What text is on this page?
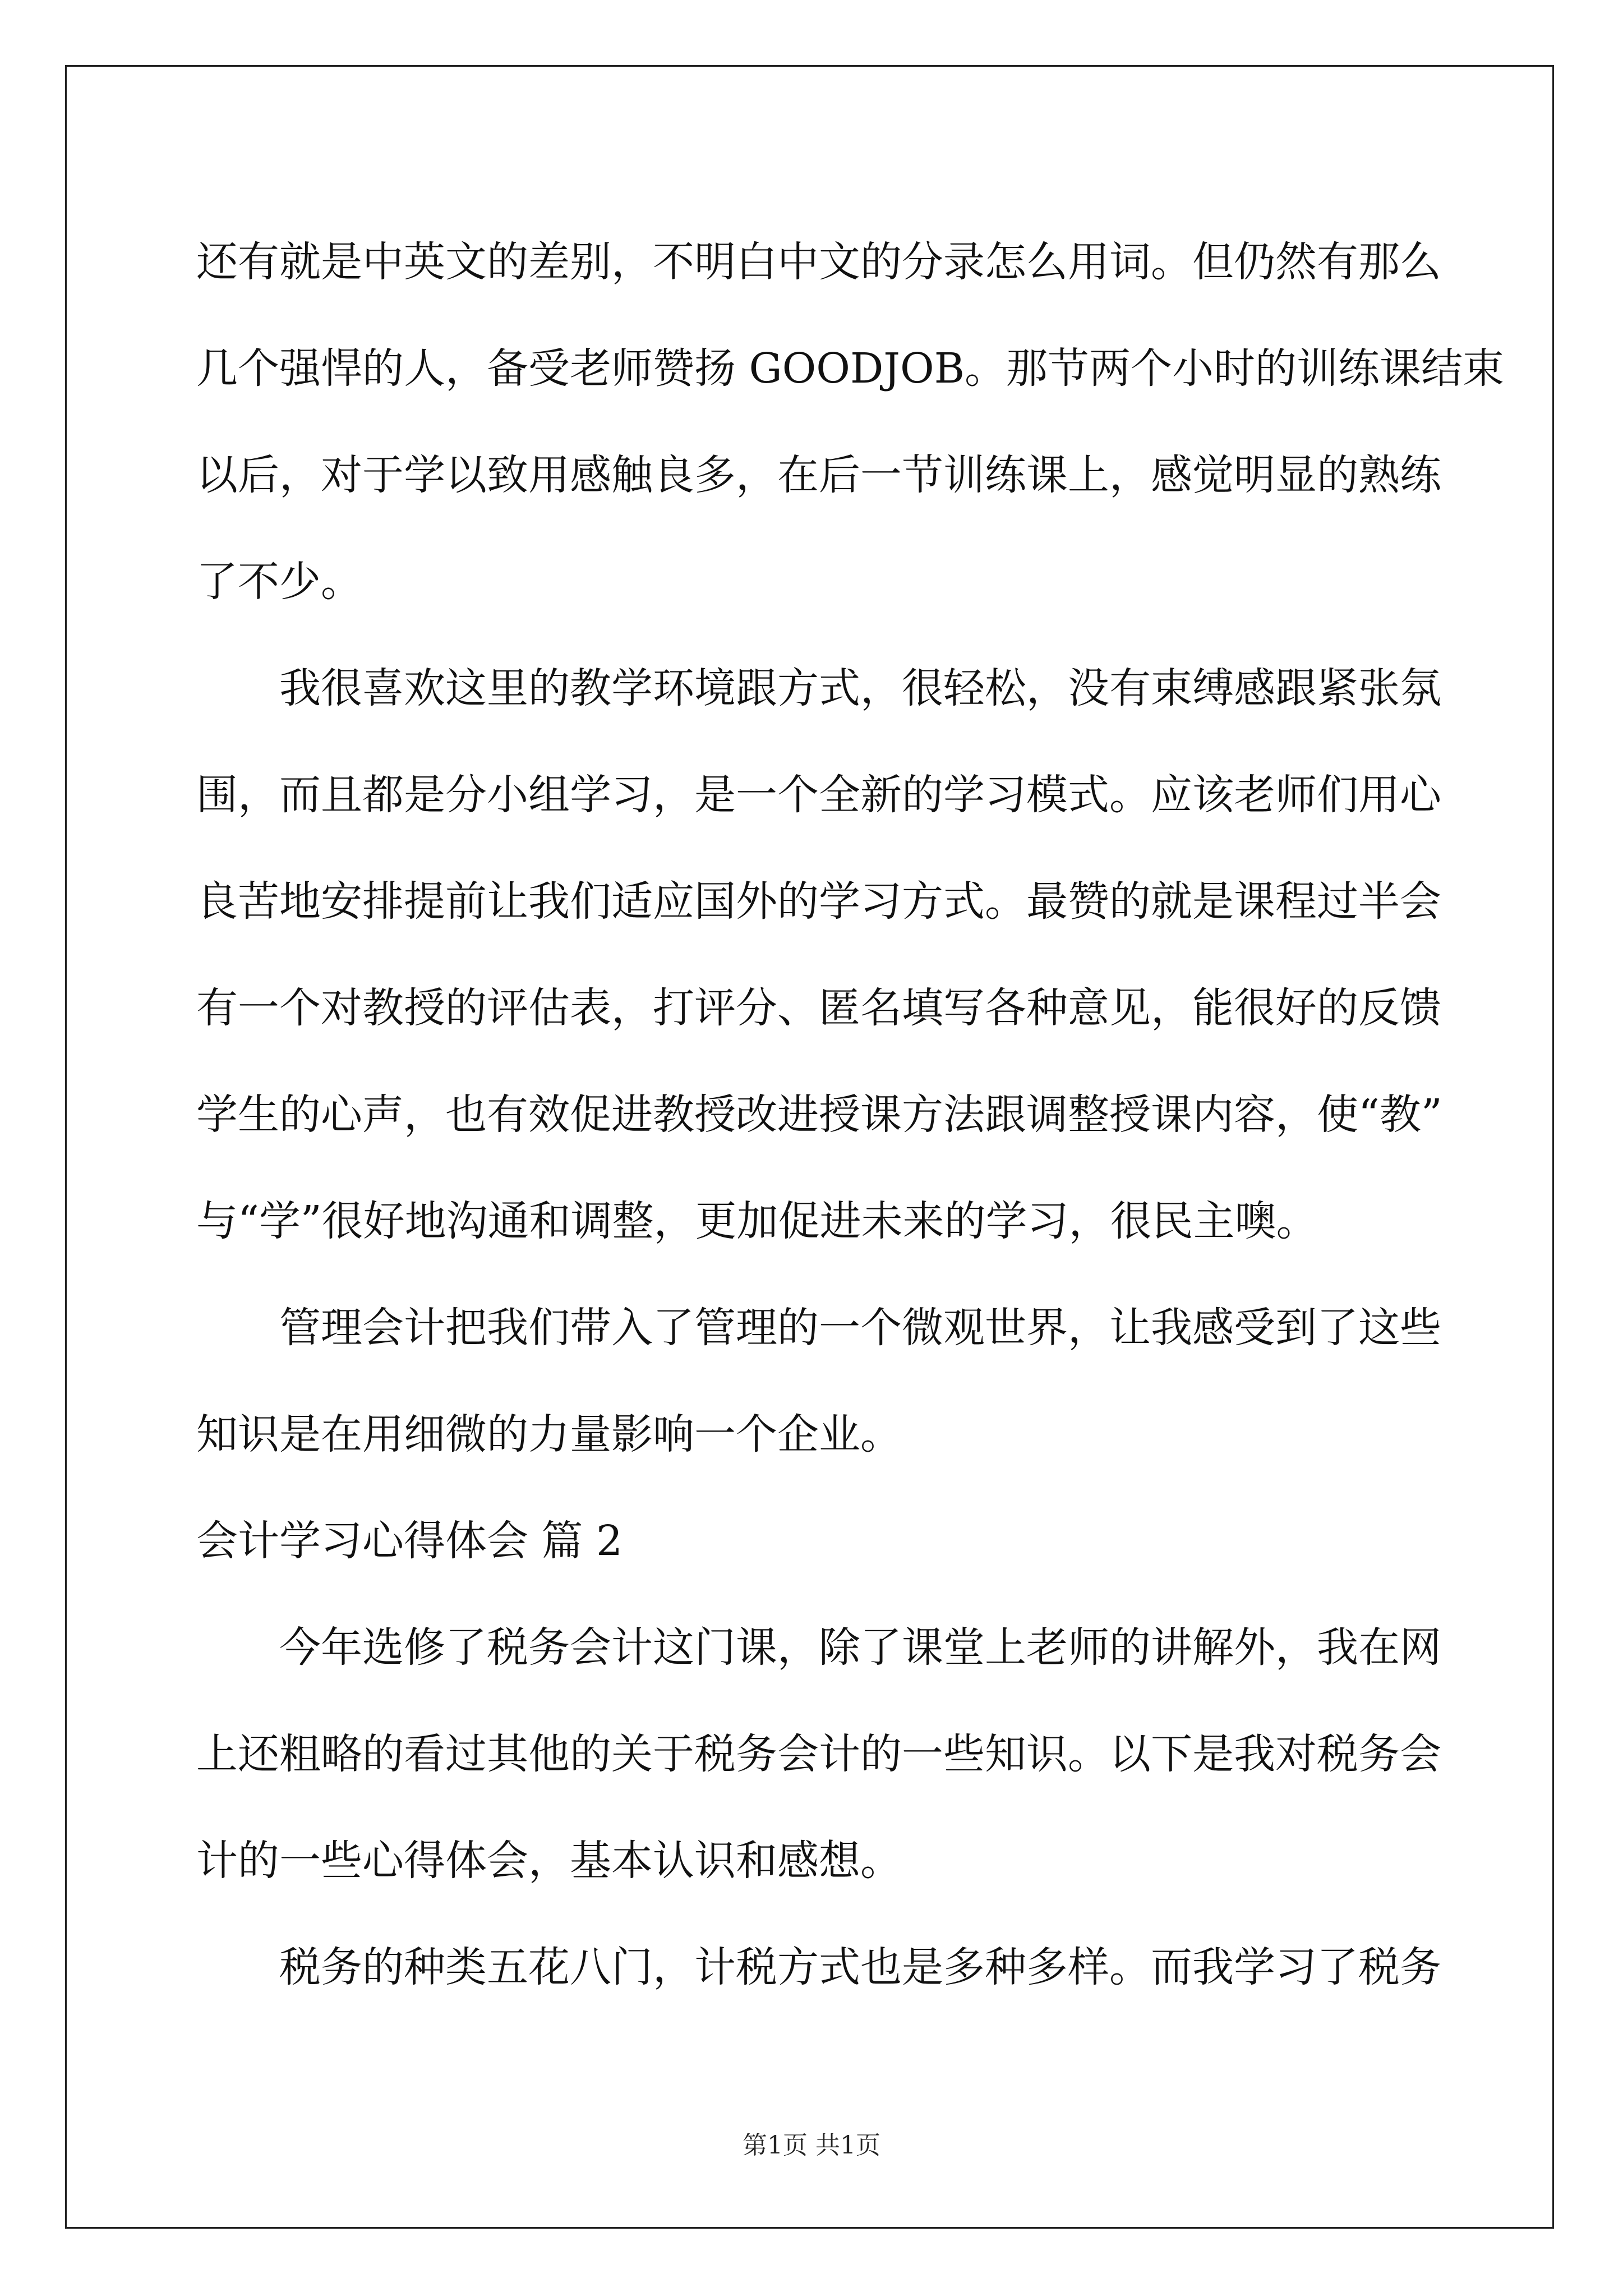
还有就是中英文的差别，不明白中文的分录怎么用词。但仍然有那么
几个强悍的人，备受老师赞扬 GOODJOB。那节两个小时的训练课结束
以后，对于学以致用感触良多，在后一节训练课上，感觉明显的熟练
了不少。
我很喜欢这里的教学环境跟方式，很轻松，没有束缚感跟紧张氛
围，而且都是分小组学习，是一个全新的学习模式。应该老师们用心
良苦地安排提前让我们适应国外的学习方式。最赞的就是课程过半会
有一个对教授的评估表，打评分、匿名填写各种意见，能很好的反馈
学生的心声，也有效促进教授改进授课方法跟调整授课内容，使“教”
与“学”很好地沟通和调整，更加促进未来的学习，很民主噢。
管理会计把我们带入了管理的一个微观世界，让我感受到了这些
知识是在用细微的力量影响一个企业。
会计学习心得体会 篇 2
今年选修了税务会计这门课，除了课堂上老师的讲解外，我在网
上还粗略的看过其他的关于税务会计的一些知识。以下是我对税务会
计的一些心得体会，基本认识和感想。
税务的种类五花八门，计税方式也是多种多样。而我学习了税务
第1页 共1页
